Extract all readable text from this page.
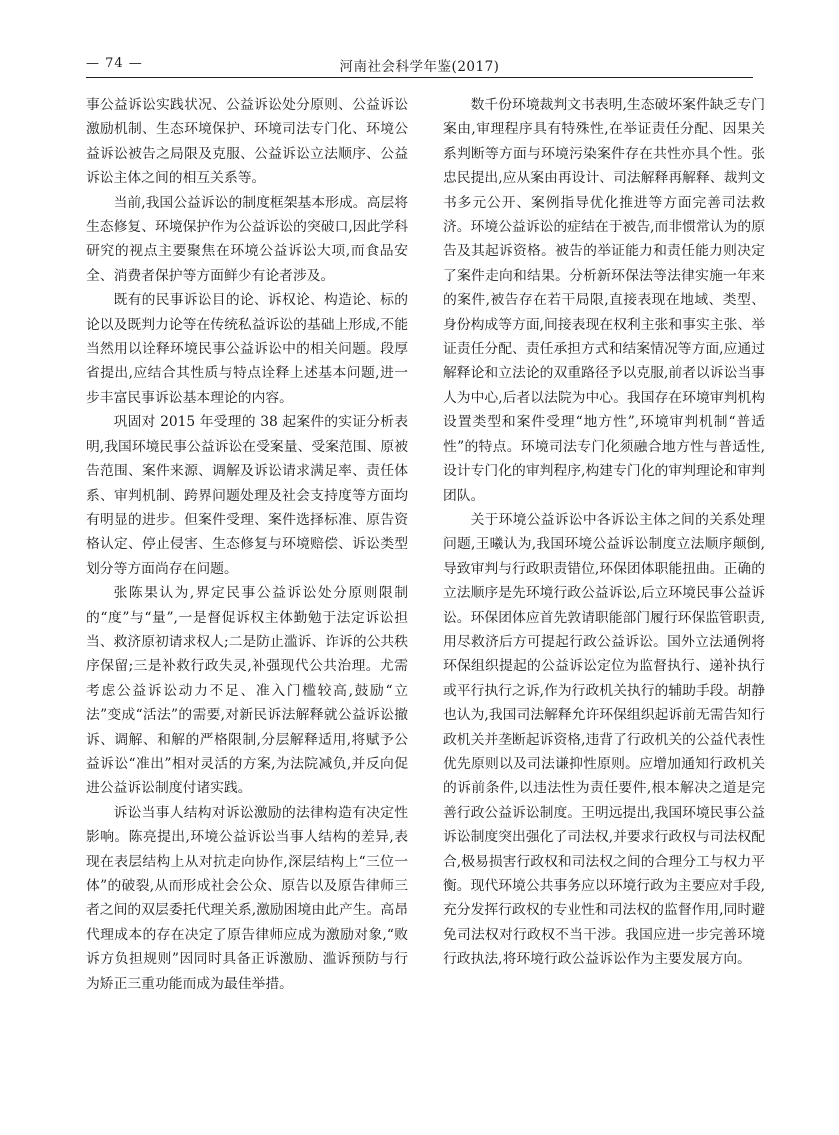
— 74 —	河南社会科学年鉴(2017)

事公益诉讼实践状况、公益诉讼处分原则、公益诉讼激励机制、生态环境保护、环境司法专门化、环境公益诉讼被告之局限及克服、公益诉讼立法顺序、公益诉讼主体之间的相互关系等。

当前,我国公益诉讼的制度框架基本形成。高层将生态修复、环境保护作为公益诉讼的突破口,因此学科研究的视点主要聚焦在环境公益诉讼大项,而食品安全、消费者保护等方面鲜少有论者涉及。

既有的民事诉讼目的论、诉权论、构造论、标的论以及既判力论等在传统私益诉讼的基础上形成,不能当然用以诠释环境民事公益诉讼中的相关问题。段厚省提出,应结合其性质与特点诠释上述基本问题,进一步丰富民事诉讼基本理论的内容。

巩固对 2015 年受理的 38 起案件的实证分析表明,我国环境民事公益诉讼在受案量、受案范围、原被告范围、案件来源、调解及诉讼请求满足率、责任体系、审判机制、跨界问题处理及社会支持度等方面均有明显的进步。但案件受理、案件选择标准、原告资格认定、停止侵害、生态修复与环境赔偿、诉讼类型划分等方面尚存在问题。

张陈果认为,界定民事公益诉讼处分原则限制的“度”与“量”,一是督促诉权主体勤勉于法定诉讼担当、救济原初请求权人;二是防止滥诉、诈诉的公共秩序保留;三是补救行政失灵,补强现代公共治理。尤需考虑公益诉讼动力不足、准入门槛较高,鼓励“立法”变成“活法”的需要,对新民诉法解释就公益诉讼撤诉、调解、和解的严格限制,分层解释适用,将赋予公益诉讼“准出”相对灵活的方案,为法院减负,并反向促进公益诉讼制度付诸实践。

诉讼当事人结构对诉讼激励的法律构造有决定性影响。陈亮提出,环境公益诉讼当事人结构的差异,表现在表层结构上从对抗走向协作,深层结构上“三位一体”的破裂,从而形成社会公众、原告以及原告律师三者之间的双层委托代理关系,激励困境由此产生。高昂代理成本的存在决定了原告律师应成为激励对象,“败诉方负担规则”因同时具备正诉激励、滥诉预防与行为矫正三重功能而成为最佳举措。

数千份环境裁判文书表明,生态破坏案件缺乏专门案由,审理程序具有特殊性,在举证责任分配、因果关系判断等方面与环境污染案件存在共性亦具个性。张忠民提出,应从案由再设计、司法解释再解释、裁判文书多元公开、案例指导优化推进等方面完善司法救济。环境公益诉讼的症结在于被告,而非惯常认为的原告及其起诉资格。被告的举证能力和责任能力则决定了案件走向和结果。分析新环保法等法律实施一年来的案件,被告存在若干局限,直接表现在地域、类型、身份构成等方面,间接表现在权利主张和事实主张、举证责任分配、责任承担方式和结案情况等方面,应通过解释论和立法论的双重路径予以克服,前者以诉讼当事人为中心,后者以法院为中心。我国存在环境审判机构设置类型和案件受理“地方性”,环境审判机制“普适性”的特点。环境司法专门化须融合地方性与普适性,设计专门化的审判程序,构建专门化的审判理论和审判团队。

关于环境公益诉讼中各诉讼主体之间的关系处理问题,王曦认为,我国环境公益诉讼制度立法顺序颠倒,导致审判与行政职责错位,环保团体职能扭曲。正确的立法顺序是先环境行政公益诉讼,后立环境民事公益诉讼。环保团体应首先敦请职能部门履行环保监管职责,用尽救济后方可提起行政公益诉讼。国外立法通例将环保组织提起的公益诉讼定位为监督执行、递补执行或平行执行之诉,作为行政机关执行的辅助手段。胡静也认为,我国司法解释允许环保组织起诉前无需告知行政机关并垄断起诉资格,违背了行政机关的公益代表性优先原则以及司法谦抑性原则。应增加通知行政机关的诉前条件,以违法性为责任要件,根本解决之道是完善行政公益诉讼制度。王明远提出,我国环境民事公益诉讼制度突出强化了司法权,并要求行政权与司法权配合,极易损害行政权和司法权之间的合理分工与权力平衡。现代环境公共事务应以环境行政为主要应对手段,充分发挥行政权的专业性和司法权的监督作用,同时避免司法权对行政权不当干涉。我国应进一步完善环境行政执法,将环境行政公益诉讼作为主要发展方向。
